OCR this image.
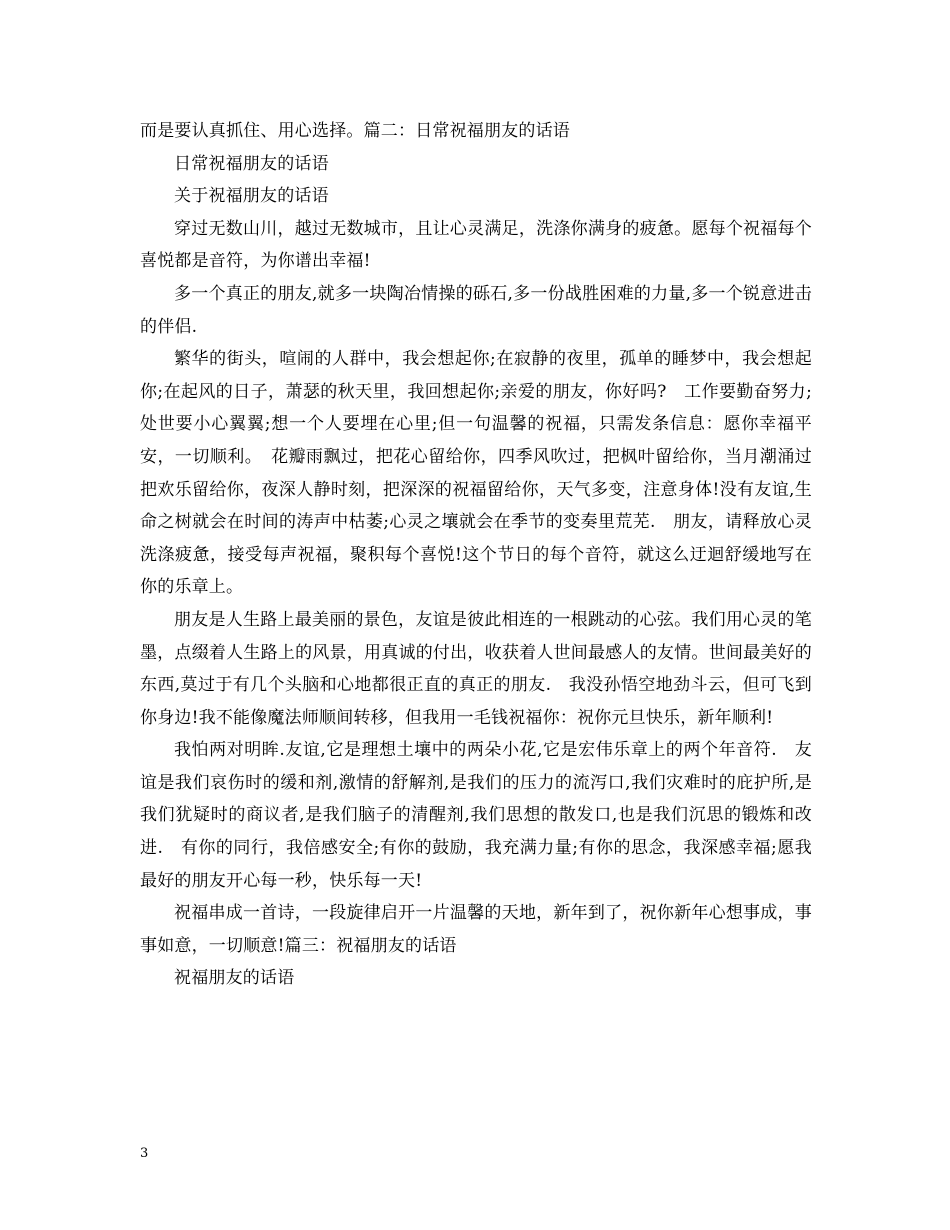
而是要认真抓住、用心选择。篇二：日常祝福朋友的话语

日常祝福朋友的话语

关于祝福朋友的话语

穿过无数山川，越过无数城市，且让心灵满足，洗涤你满身的疲惫。愿每个祝福每个喜悦都是音符，为你谱出幸福!

多一个真正的朋友,就多一块陶冶情操的砾石,多一份战胜困难的力量,多一个锐意进击的伴侣.

繁华的街头，喧闹的人群中，我会想起你;在寂静的夜里，孤单的睡梦中，我会想起你;在起风的日子，萧瑟的秋天里，我回想起你;亲爱的朋友，你好吗?　工作要勤奋努力;处世要小心翼翼;想一个人要埋在心里;但一句温馨的祝福，只需发条信息：愿你幸福平安，一切顺利。　花瓣雨飘过，把花心留给你，四季风吹过，把枫叶留给你，当月潮涌过把欢乐留给你，夜深人静时刻，把深深的祝福留给你，天气多变，注意身体!没有友谊,生命之树就会在时间的涛声中枯萎;心灵之壤就会在季节的变奏里荒芜.　朋友，请释放心灵洗涤疲惫，接受每声祝福，聚积每个喜悦!这个节日的每个音符，就这么迂迴舒缓地写在你的乐章上。

朋友是人生路上最美丽的景色，友谊是彼此相连的一根跳动的心弦。我们用心灵的笔墨，点缀着人生路上的风景，用真诚的付出，收获着人世间最感人的友情。世间最美好的东西,莫过于有几个头脑和心地都很正直的真正的朋友.　我没孙悟空地劲斗云，但可飞到你身边!我不能像魔法师顺间转移，但我用一毛钱祝福你：祝你元旦快乐，新年顺利!

我怕两对明眸.友谊,它是理想土壤中的两朵小花,它是宏伟乐章上的两个年音符.　友谊是我们哀伤时的缓和剂,激情的舒解剂,是我们的压力的流泻口,我们灾难时的庇护所,是我们犹疑时的商议者,是我们脑子的清醒剂,我们思想的散发口,也是我们沉思的锻炼和改进.　有你的同行，我倍感安全;有你的鼓励，我充满力量;有你的思念，我深感幸福;愿我最好的朋友开心每一秒，快乐每一天!

祝福串成一首诗，一段旋律启开一片温馨的天地，新年到了，祝你新年心想事成，事事如意，一切顺意!篇三：祝福朋友的话语

祝福朋友的话语

3
